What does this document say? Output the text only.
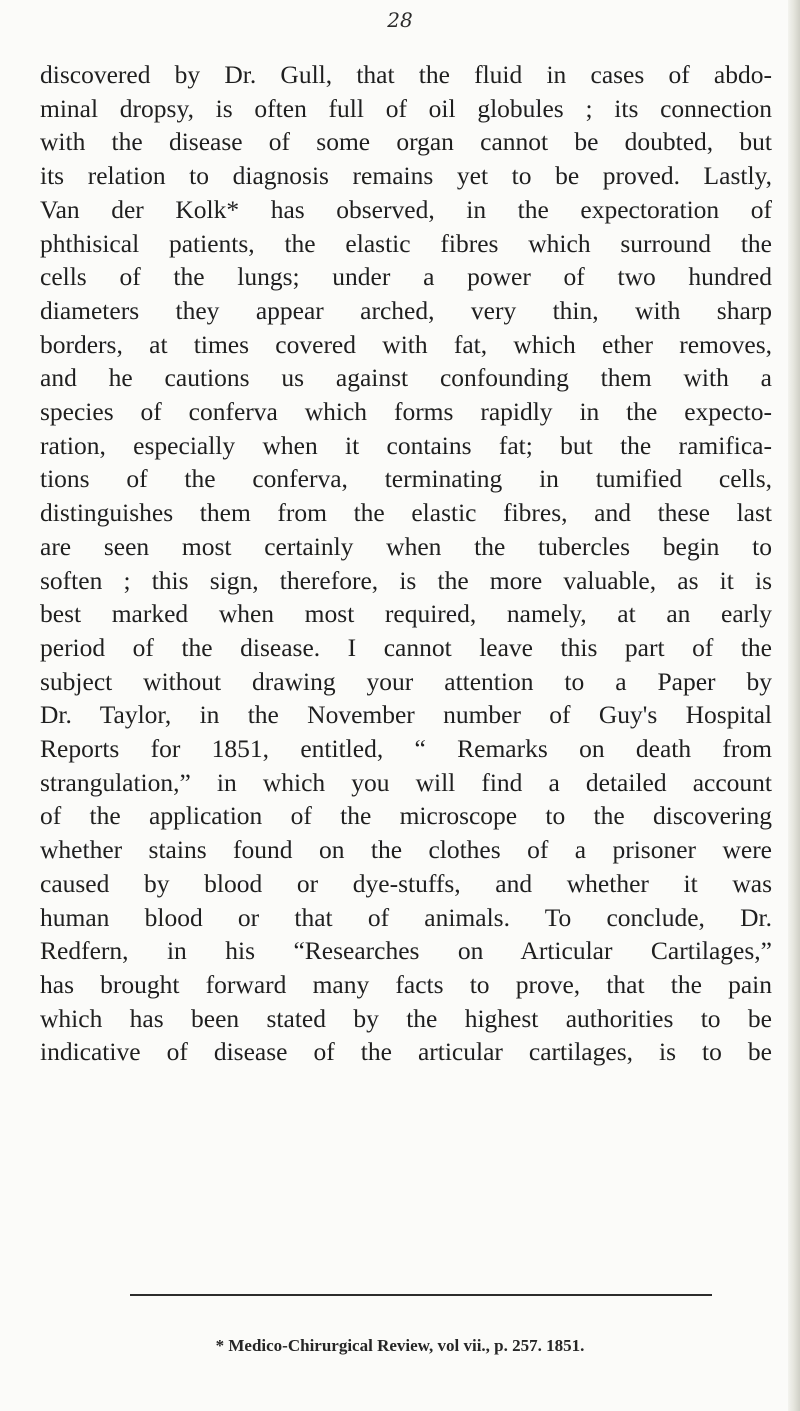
28
discovered by Dr. Gull, that the fluid in cases of abdo-
minal dropsy, is often full of oil globules ; its connection
with the disease of some organ cannot be doubted, but
its relation to diagnosis remains yet to be proved. Lastly,
Van der Kolk* has observed, in the expectoration of
phthisical patients, the elastic fibres which surround the
cells of the lungs; under a power of two hundred
diameters they appear arched, very thin, with sharp
borders, at times covered with fat, which ether removes,
and he cautions us against confounding them with a
species of conferva which forms rapidly in the expecto-
ration, especially when it contains fat; but the ramifica-
tions of the conferva, terminating in tumified cells,
distinguishes them from the elastic fibres, and these last
are seen most certainly when the tubercles begin to
soften ; this sign, therefore, is the more valuable, as it is
best marked when most required, namely, at an early
period of the disease. I cannot leave this part of the
subject without drawing your attention to a Paper by
Dr. Taylor, in the November number of Guy's Hospital
Reports for 1851, entitled, “ Remarks on death from
strangulation,” in which you will find a detailed account
of the application of the microscope to the discovering
whether stains found on the clothes of a prisoner were
caused by blood or dye-stuffs, and whether it was
human blood or that of animals. To conclude, Dr.
Redfern, in his “Researches on Articular Cartilages,”
has brought forward many facts to prove, that the pain
which has been stated by the highest authorities to be
indicative of disease of the articular cartilages, is to be
* Medico-Chirurgical Review, vol vii., p. 257. 1851.
